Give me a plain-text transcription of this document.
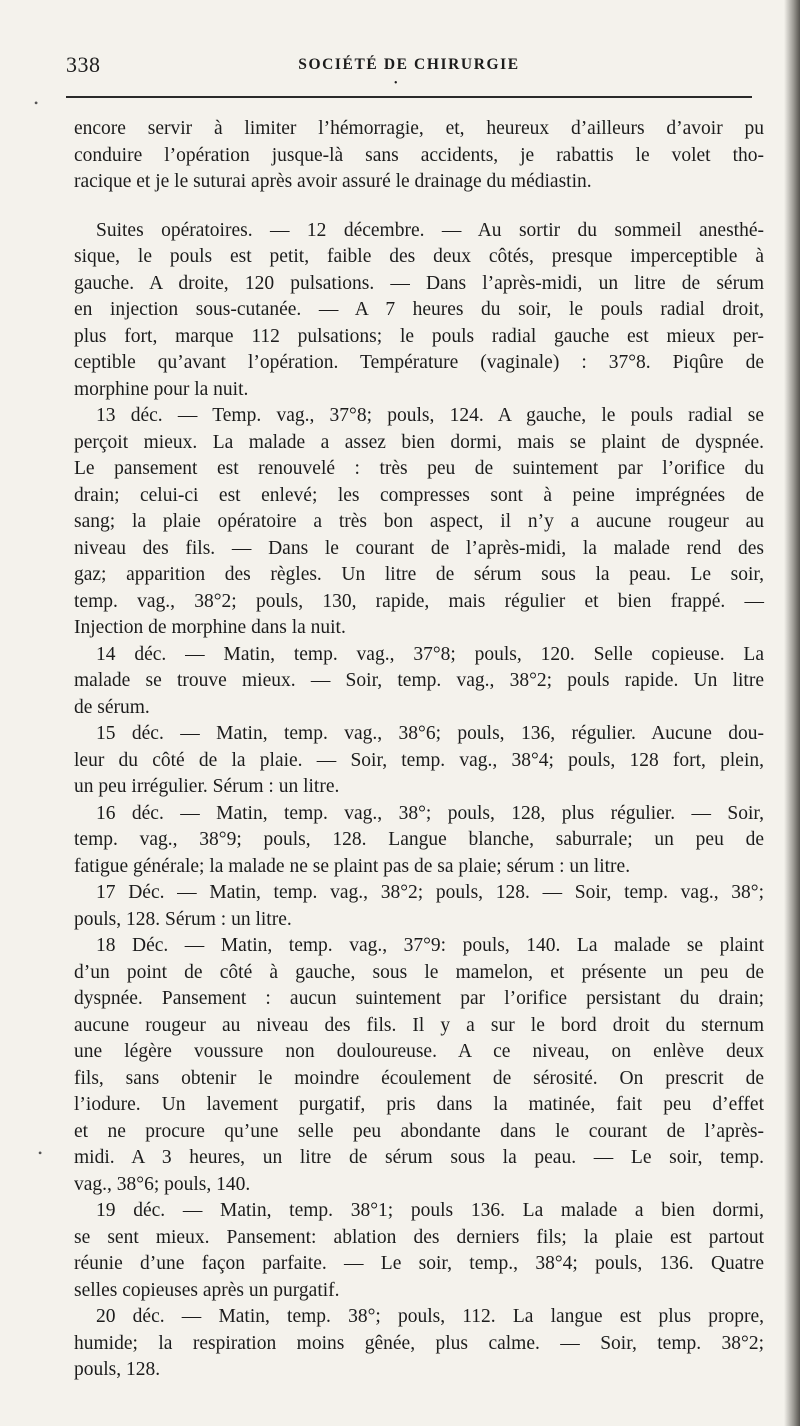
338	SOCIÉTÉ DE CHIRURGIE
•
•
•
encore servir à limiter l’hémorragie, et, heureux d’ailleurs d’avoir pu
conduire l’opération jusque-là sans accidents, je rabattis le volet tho-
racique et je le suturai après avoir assuré le drainage du médiastin.
Suites opératoires. — 12 décembre. — Au sortir du sommeil anesthé-
sique, le pouls est petit, faible des deux côtés, presque imperceptible à
gauche. A droite, 120 pulsations. — Dans l’après-midi, un litre de sérum
en injection sous-cutanée. — A 7 heures du soir, le pouls radial droit,
plus fort, marque 112 pulsations; le pouls radial gauche est mieux per-
ceptible qu’avant l’opération. Température (vaginale) : 37°8. Piqûre de
morphine pour la nuit.
13 déc. — Temp. vag., 37°8; pouls, 124. A gauche, le pouls radial se
perçoit mieux. La malade a assez bien dormi, mais se plaint de dyspnée.
Le pansement est renouvelé : très peu de suintement par l’orifice du
drain; celui-ci est enlevé; les compresses sont à peine imprégnées de
sang; la plaie opératoire a très bon aspect, il n’y a aucune rougeur au
niveau des fils. — Dans le courant de l’après-midi, la malade rend des
gaz; apparition des règles. Un litre de sérum sous la peau. Le soir,
temp. vag., 38°2; pouls, 130, rapide, mais régulier et bien frappé. —
Injection de morphine dans la nuit.
14 déc. — Matin, temp. vag., 37°8; pouls, 120. Selle copieuse. La
malade se trouve mieux. — Soir, temp. vag., 38°2; pouls rapide. Un litre
de sérum.
15 déc. — Matin, temp. vag., 38°6; pouls, 136, régulier. Aucune dou-
leur du côté de la plaie. — Soir, temp. vag., 38°4; pouls, 128 fort, plein,
un peu irrégulier. Sérum : un litre.
16 déc. — Matin, temp. vag., 38°; pouls, 128, plus régulier. — Soir,
temp. vag., 38°9; pouls, 128. Langue blanche, saburrale; un peu de
fatigue générale; la malade ne se plaint pas de sa plaie; sérum : un litre.
17 Déc. — Matin, temp. vag., 38°2; pouls, 128. — Soir, temp. vag., 38°;
pouls, 128. Sérum : un litre.
18 Déc. — Matin, temp. vag., 37°9: pouls, 140. La malade se plaint
d’un point de côté à gauche, sous le mamelon, et présente un peu de
dyspnée. Pansement : aucun suintement par l’orifice persistant du drain;
aucune rougeur au niveau des fils. Il y a sur le bord droit du sternum
une légère voussure non douloureuse. A ce niveau, on enlève deux
fils, sans obtenir le moindre écoulement de sérosité. On prescrit de
l’iodure. Un lavement purgatif, pris dans la matinée, fait peu d’effet
et ne procure qu’une selle peu abondante dans le courant de l’après-
midi. A 3 heures, un litre de sérum sous la peau. — Le soir, temp.
vag., 38°6; pouls, 140.
19 déc. — Matin, temp. 38°1; pouls 136. La malade a bien dormi,
se sent mieux. Pansement: ablation des derniers fils; la plaie est partout
réunie d’une façon parfaite. — Le soir, temp., 38°4; pouls, 136. Quatre
selles copieuses après un purgatif.
20 déc. — Matin, temp. 38°; pouls, 112. La langue est plus propre,
humide; la respiration moins gênée, plus calme. — Soir, temp. 38°2;
pouls, 128.
